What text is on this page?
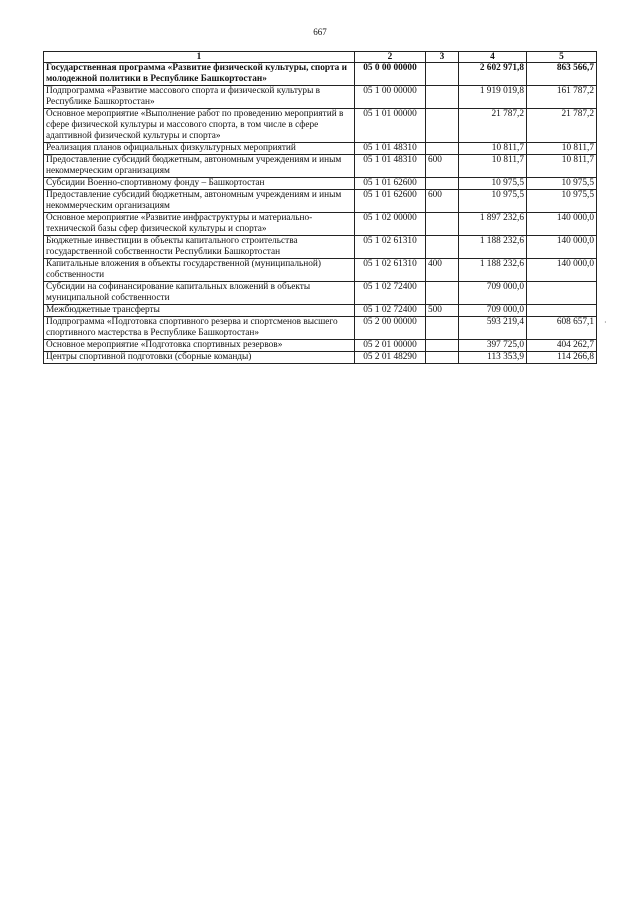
667
1	2	3	4	5
Государственная программа «Развитие физической культуры, спорта и молодежной политики в Республике Башкортостан»	05 0 00 00000		2 602 971,8	863 566,7
Подпрограмма «Развитие массового спорта и физической культуры в Республике Башкортостан»	05 1 00 00000		1 919 019,8	161 787,2
Основное мероприятие «Выполнение работ по проведению мероприятий в сфере физической культуры и массового спорта, в том числе в сфере адаптивной физической культуры и спорта»	05 1 01 00000		21 787,2	21 787,2
Реализация планов официальных физкультурных мероприятий	05 1 01 48310		10 811,7	10 811,7
Предоставление субсидий бюджетным, автономным учреждениям и иным некоммерческим организациям	05 1 01 48310	600	10 811,7	10 811,7
Субсидии Военно-спортивному фонду – Башкортостан	05 1 01 62600		10 975,5	10 975,5
Предоставление субсидий бюджетным, автономным учреждениям и иным некоммерческим организациям	05 1 01 62600	600	10 975,5	10 975,5
Основное мероприятие «Развитие инфраструктуры и материально-технической базы сфер физической культуры и спорта»	05 1 02 00000		1 897 232,6	140 000,0
Бюджетные инвестиции в объекты капитального строительства государственной собственности Республики Башкортостан	05 1 02 61310		1 188 232,6	140 000,0
Капитальные вложения в объекты государственной (муниципальной) собственности	05 1 02 61310	400	1 188 232,6	140 000,0
Субсидии на софинансирование капитальных вложений в объекты муниципальной собственности	05 1 02 72400		709 000,0	
Межбюджетные трансферты	05 1 02 72400	500	709 000,0	
Подпрограмма «Подготовка спортивного резерва и спортсменов высшего спортивного мастерства в Республике Башкортостан»	05 2 00 00000		593 219,4	608 657,1
Основное мероприятие «Подготовка спортивных резервов»	05 2 01 00000		397 725,0	404 262,7
Центры спортивной подготовки (сборные команды)	05 2 01 48290		113 353,9	114 266,8
·
